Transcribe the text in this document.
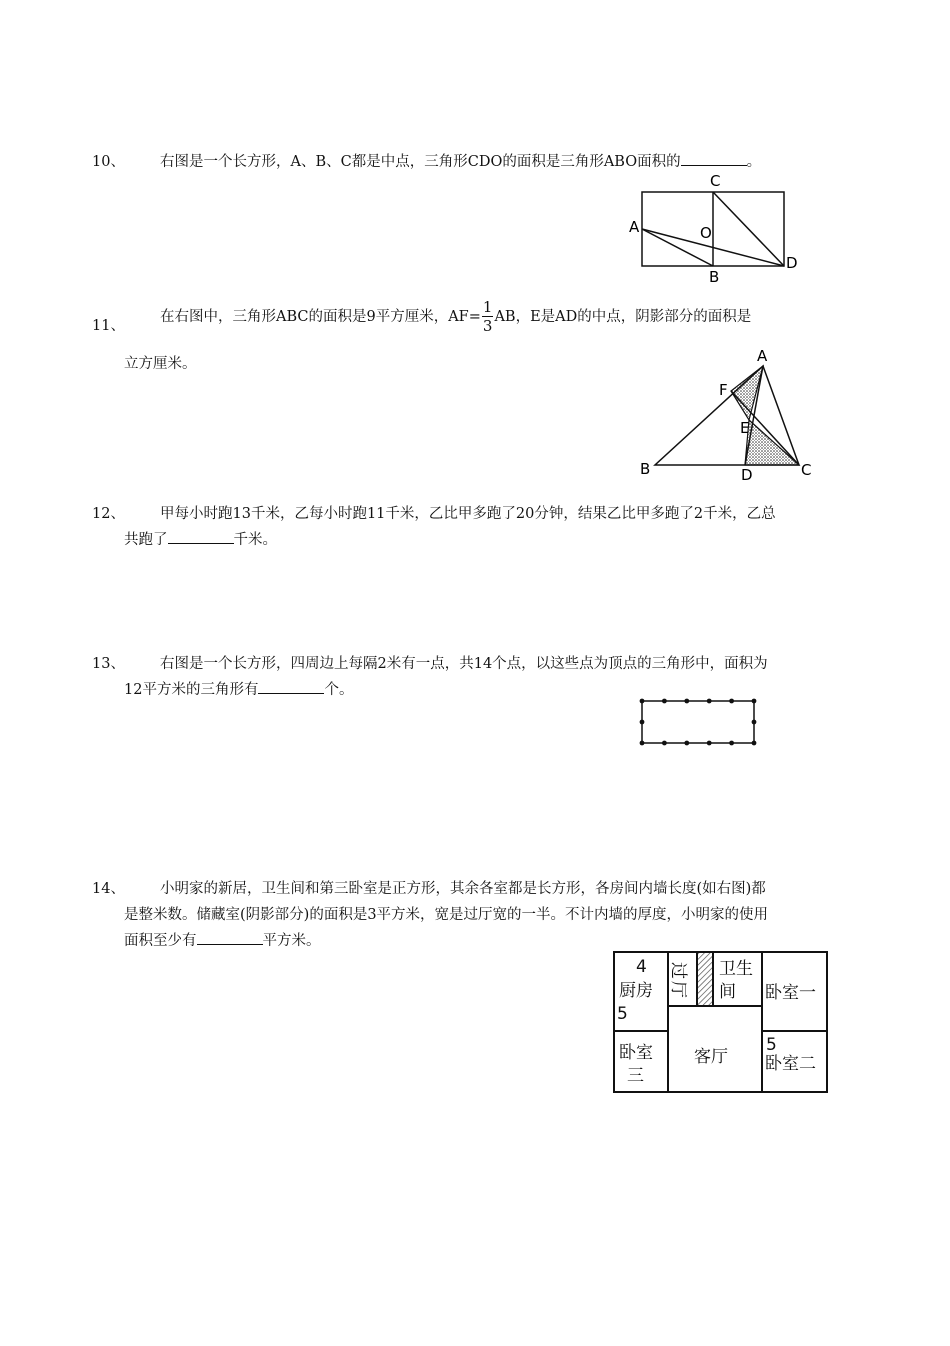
10、 右图是一个长方形，A、B、C都是中点，三角形CDO的面积是三角形ABO面积的	。
C
A	O
B
D
11、
在右图中，三角形ABC的面积是9平方厘米，$AF= \frac{1}{3}$ AB，E是AD的中点，阴影部分的面积是
立方厘米。	A
F
E
B	D	C
12、 甲每小时跑13千米，乙每小时跑11千米，乙比甲多跑了20分钟，结果乙比甲多跑了2千米，乙总
共跑了	千米。
13、 右图是一个长方形，四周边上每隔2米有一点，共14个点，以这些点为顶点的三角形中，面积为
12平方米的三角形有	个。
14、 小明家的新居，卫生间和第三卧室是正方形，其余各室都是长方形，各房间内墙长度(如右图)都
是整米数。储藏室(阴影部分)的面积是3平方米，宽是过厅宽的一半。不计内墙的厚度，小明家的使用
面积至少有	平方米。
4
厨房
5
过
厅
卫生
间 卧室一
卧室
三
客厅
5
卧室二
